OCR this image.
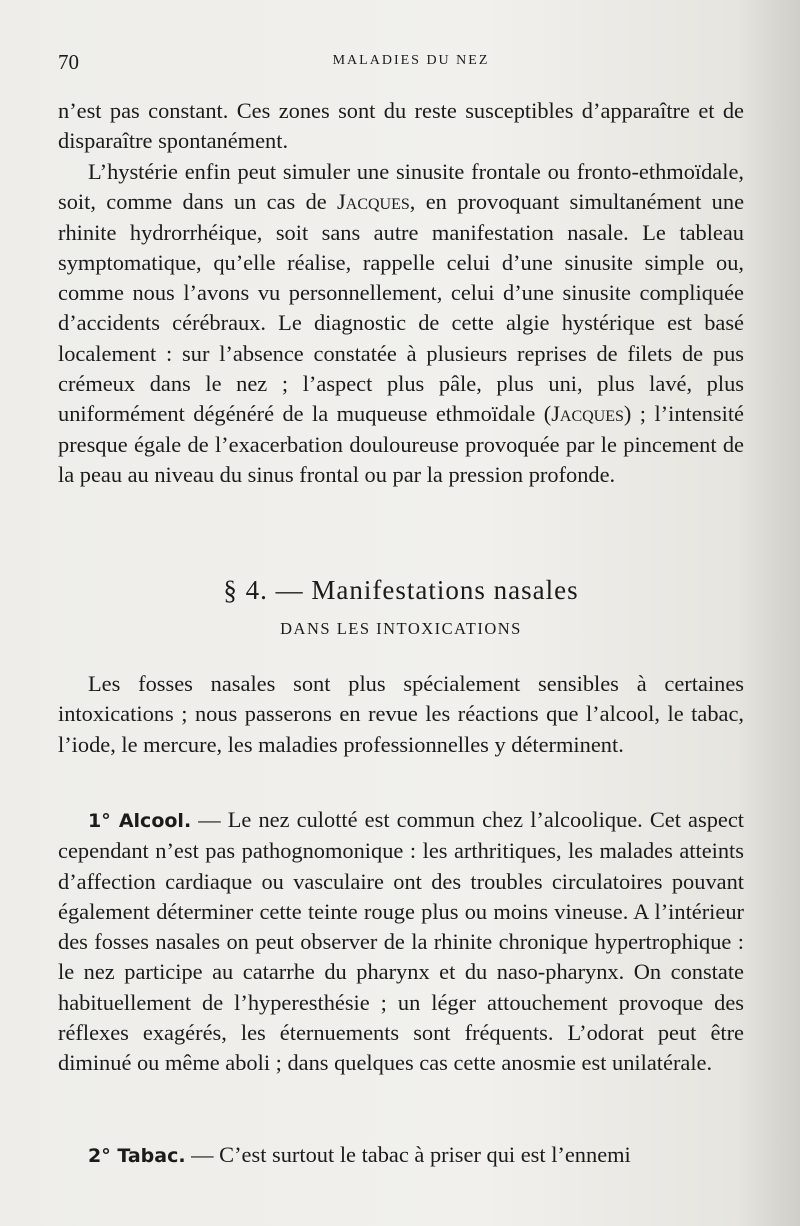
70	MALADIES DU NEZ

n’est pas constant. Ces zones sont du reste susceptibles d’apparaître et de disparaître spontanément.

L’hystérie enfin peut simuler une sinusite frontale ou fronto-ethmoïdale, soit, comme dans un cas de Jacques, en provoquant simultanément une rhinite hydrorrhéique, soit sans autre manifestation nasale. Le tableau symptomatique, qu’elle réalise, rappelle celui d’une sinusite simple ou, comme nous l’avons vu personnellement, celui d’une sinusite compliquée d’accidents cérébraux. Le diagnostic de cette algie hystérique est basé localement : sur l’absence constatée à plusieurs reprises de filets de pus crémeux dans le nez ; l’aspect plus pâle, plus uni, plus lavé, plus uniformément dégénéré de la muqueuse ethmoïdale (Jacques) ; l’intensité presque égale de l’exacerbation douloureuse provoquée par le pincement de la peau au niveau du sinus frontal ou par la pression profonde.

§ 4. — Manifestations nasales
DANS LES INTOXICATIONS

Les fosses nasales sont plus spécialement sensibles à certaines intoxications ; nous passerons en revue les réactions que l’alcool, le tabac, l’iode, le mercure, les maladies professionnelles y déterminent.

1° Alcool. — Le nez culotté est commun chez l’alcoolique. Cet aspect cependant n’est pas pathognomonique : les arthritiques, les malades atteints d’affection cardiaque ou vasculaire ont des troubles circulatoires pouvant également déterminer cette teinte rouge plus ou moins vineuse. A l’intérieur des fosses nasales on peut observer de la rhinite chronique hypertrophique : le nez participe au catarrhe du pharynx et du naso-pharynx. On constate habituellement de l’hyperesthésie ; un léger attouchement provoque des réflexes exagérés, les éternuements sont fréquents. L’odorat peut être diminué ou même aboli ; dans quelques cas cette anosmie est unilatérale.

2° Tabac. — C’est surtout le tabac à priser qui est l’ennemi
